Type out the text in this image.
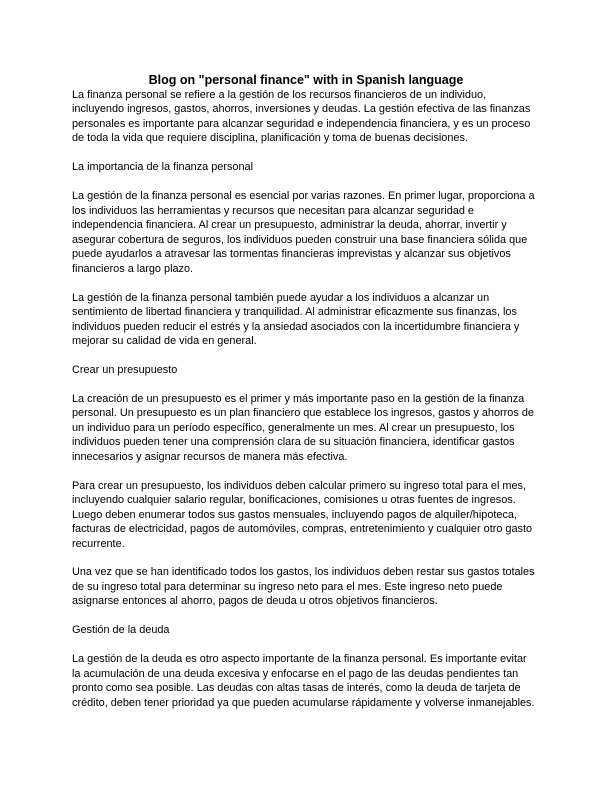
Blog on "personal finance" with in Spanish language
La finanza personal se refiere a la gestión de los recursos financieros de un individuo,
incluyendo ingresos, gastos, ahorros, inversiones y deudas. La gestión efectiva de las finanzas
personales es importante para alcanzar seguridad e independencia financiera, y es un proceso
de toda la vida que requiere disciplina, planificación y toma de buenas decisiones.
La importancia de la finanza personal
La gestión de la finanza personal es esencial por varias razones. En primer lugar, proporciona a
los individuos las herramientas y recursos que necesitan para alcanzar seguridad e
independencia financiera. Al crear un presupuesto, administrar la deuda, ahorrar, invertir y
asegurar cobertura de seguros, los individuos pueden construir una base financiera sólida que
puede ayudarlos a atravesar las tormentas financieras imprevistas y alcanzar sus objetivos
financieros a largo plazo.
La gestión de la finanza personal también puede ayudar a los individuos a alcanzar un
sentimiento de libertad financiera y tranquilidad. Al administrar eficazmente sus finanzas, los
individuos pueden reducir el estrés y la ansiedad asociados con la incertidumbre financiera y
mejorar su calidad de vida en general.
Crear un presupuesto
La creación de un presupuesto es el primer y más importante paso en la gestión de la finanza
personal. Un presupuesto es un plan financiero que establece los ingresos, gastos y ahorros de
un individuo para un período específico, generalmente un mes. Al crear un presupuesto, los
individuos pueden tener una comprensión clara de su situación financiera, identificar gastos
innecesarios y asignar recursos de manera más efectiva.
Para crear un presupuesto, los individuos deben calcular primero su ingreso total para el mes,
incluyendo cualquier salario regular, bonificaciones, comisiones u otras fuentes de ingresos.
Luego deben enumerar todos sus gastos mensuales, incluyendo pagos de alquiler/hipoteca,
facturas de electricidad, pagos de automóviles, compras, entretenimiento y cualquier otro gasto
recurrente.
Una vez que se han identificado todos los gastos, los individuos deben restar sus gastos totales
de su ingreso total para determinar su ingreso neto para el mes. Este ingreso neto puede
asignarse entonces al ahorro, pagos de deuda u otros objetivos financieros.
Gestión de la deuda
La gestión de la deuda es otro aspecto importante de la finanza personal. Es importante evitar
la acumulación de una deuda excesiva y enfocarse en el pago de las deudas pendientes tan
pronto como sea posible. Las deudas con altas tasas de interés, como la deuda de tarjeta de
crédito, deben tener prioridad ya que pueden acumularse rápidamente y volverse inmanejables.
